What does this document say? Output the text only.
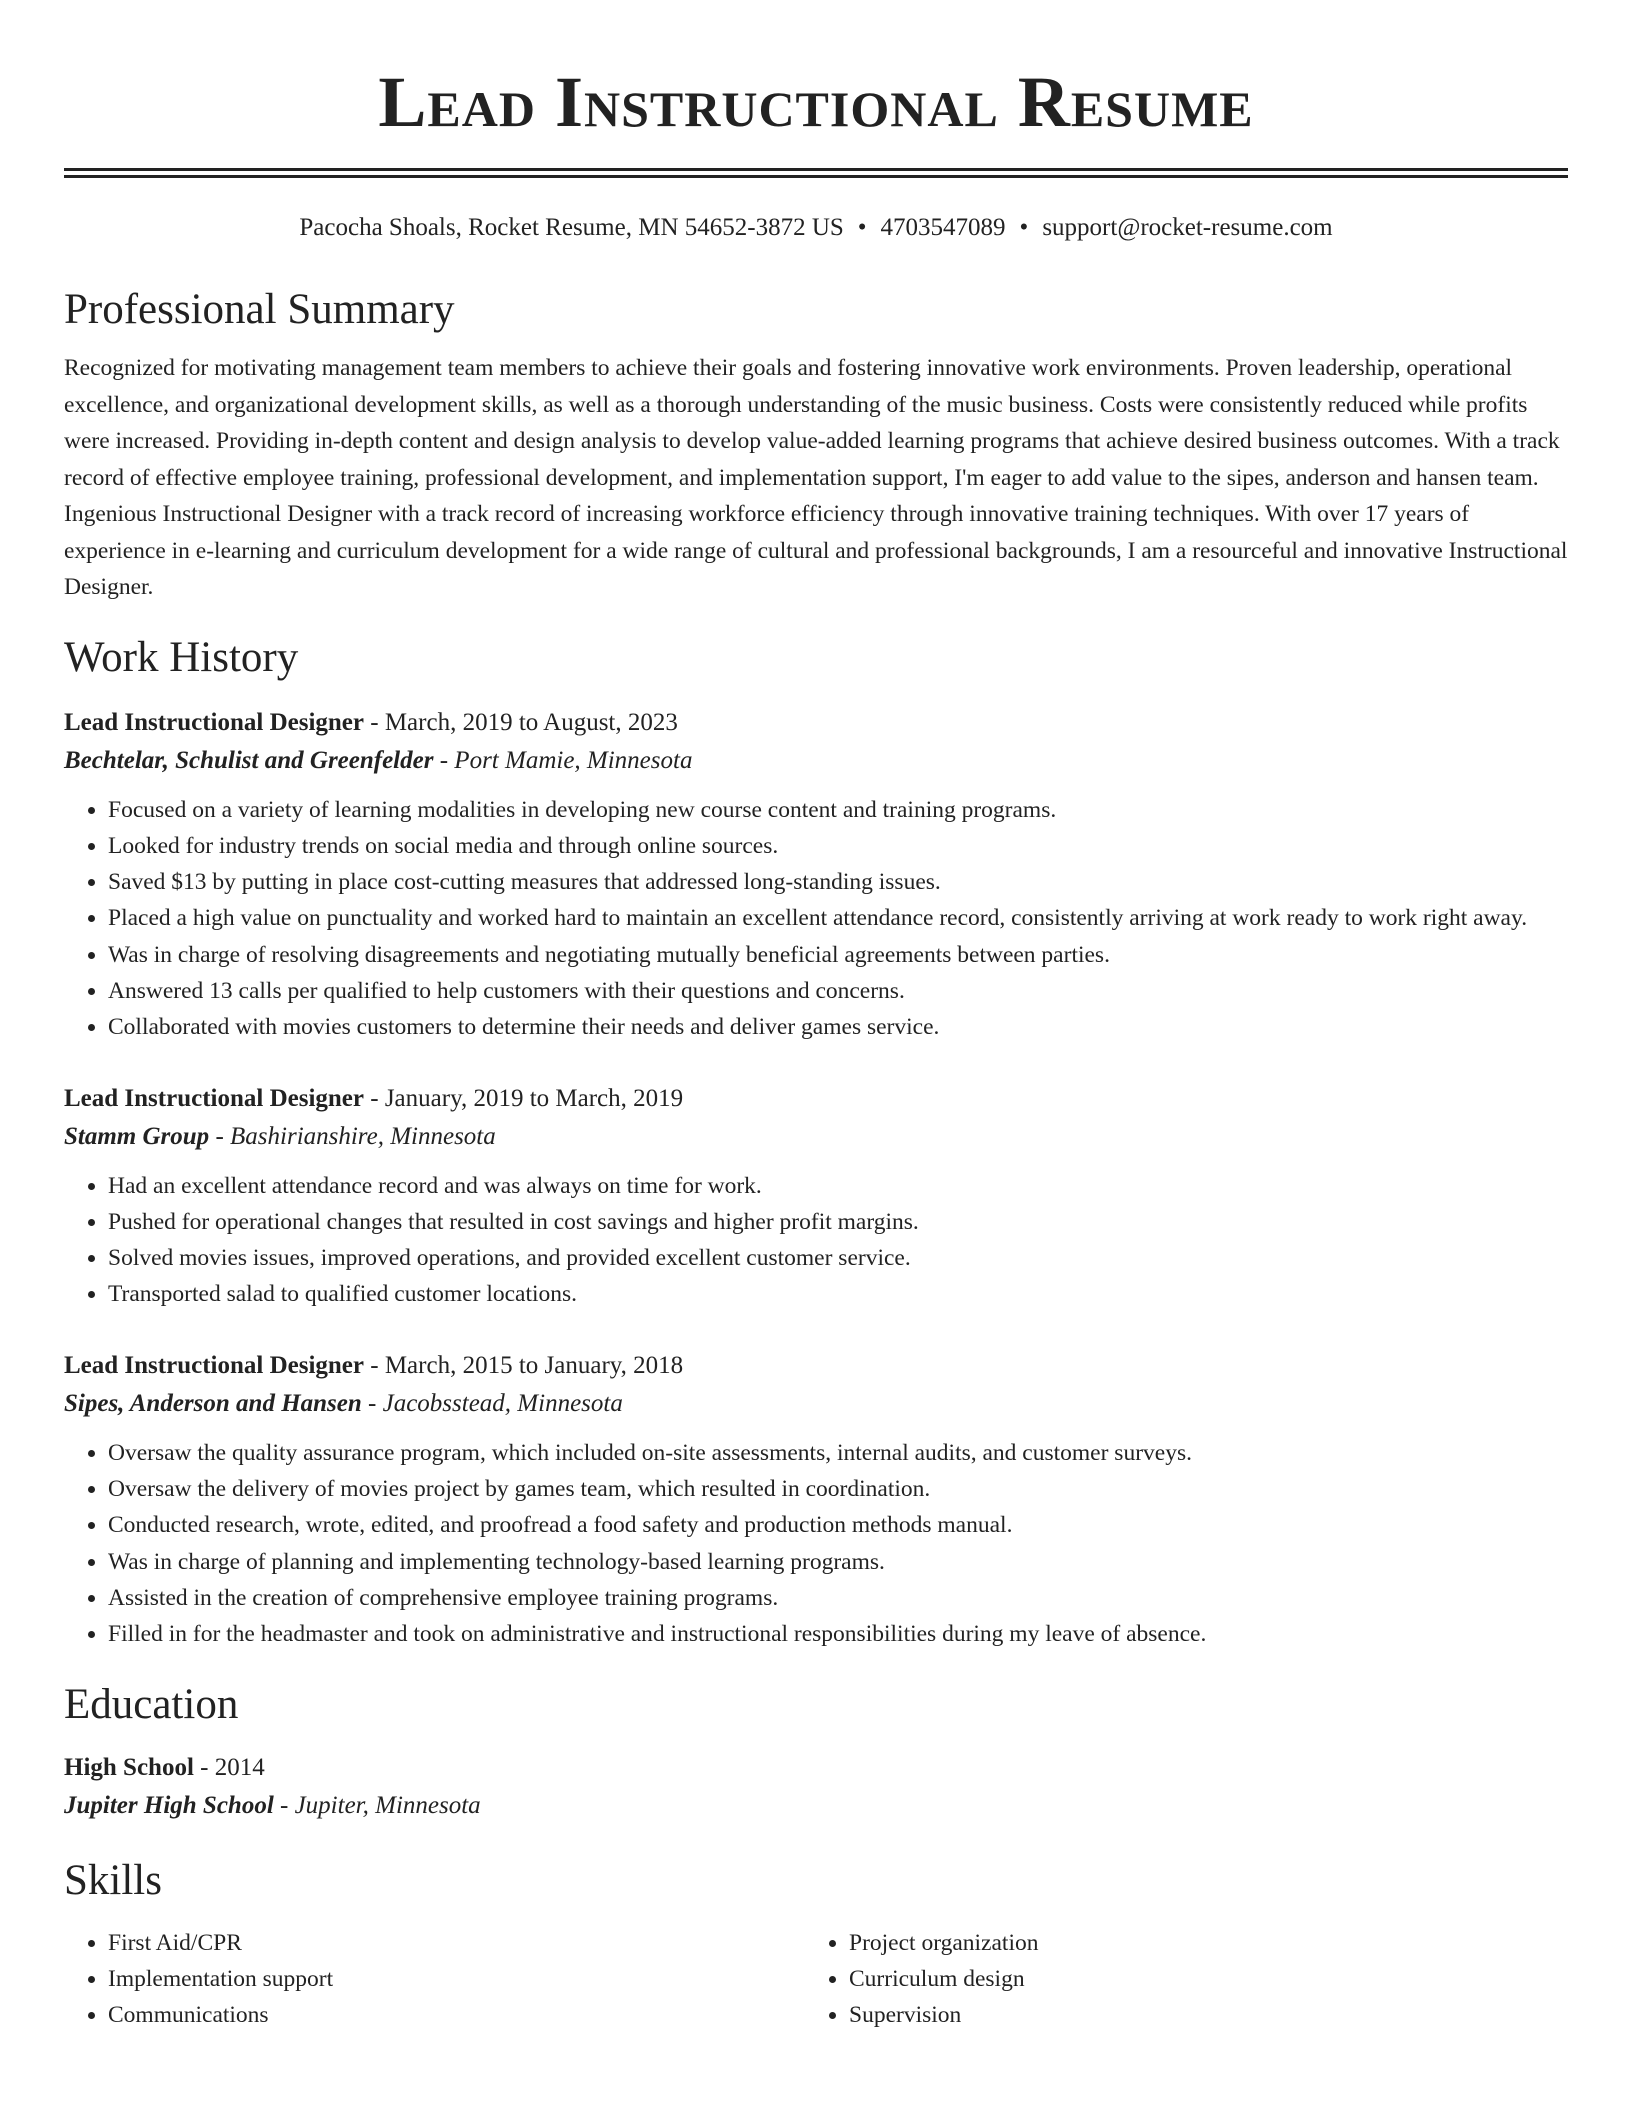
Lead Instructional Resume
Pacocha Shoals, Rocket Resume, MN 54652-3872 US • 4703547089 • support@rocket-resume.com
Professional Summary

Recognized for motivating management team members to achieve their goals and fostering innovative work environments. Proven leadership, operational excellence, and organizational development skills, as well as a thorough understanding of the music business. Costs were consistently reduced while profits were increased. Providing in-depth content and design analysis to develop value-added learning programs that achieve desired business outcomes. With a track record of effective employee training, professional development, and implementation support, I'm eager to add value to the sipes, anderson and hansen team. Ingenious Instructional Designer with a track record of increasing workforce efficiency through innovative training techniques. With over 17 years of experience in e-learning and curriculum development for a wide range of cultural and professional backgrounds, I am a resourceful and innovative Instructional Designer.

Work History
Lead Instructional Designer - March, 2019 to August, 2023
Bechtelar, Schulist and Greenfelder - Port Mamie, Minnesota
• Focused on a variety of learning modalities in developing new course content and training programs.
• Looked for industry trends on social media and through online sources.
• Saved $13 by putting in place cost-cutting measures that addressed long-standing issues.
• Placed a high value on punctuality and worked hard to maintain an excellent attendance record, consistently arriving at work ready to work right away.
• Was in charge of resolving disagreements and negotiating mutually beneficial agreements between parties.
• Answered 13 calls per qualified to help customers with their questions and concerns.
• Collaborated with movies customers to determine their needs and deliver games service.
Lead Instructional Designer - January, 2019 to March, 2019
Stamm Group - Bashirianshire, Minnesota
• Had an excellent attendance record and was always on time for work.
• Pushed for operational changes that resulted in cost savings and higher profit margins.
• Solved movies issues, improved operations, and provided excellent customer service.
• Transported salad to qualified customer locations.
Lead Instructional Designer - March, 2015 to January, 2018
Sipes, Anderson and Hansen - Jacobsstead, Minnesota
• Oversaw the quality assurance program, which included on-site assessments, internal audits, and customer surveys.
• Oversaw the delivery of movies project by games team, which resulted in coordination.
• Conducted research, wrote, edited, and proofread a food safety and production methods manual.
• Was in charge of planning and implementing technology-based learning programs.
• Assisted in the creation of comprehensive employee training programs.
• Filled in for the headmaster and took on administrative and instructional responsibilities during my leave of absence.
Education
High School - 2014
Jupiter High School - Jupiter, Minnesota
Skills
• First Aid/CPR
• Implementation support
• Communications
• Project organization
• Curriculum design
• Supervision
